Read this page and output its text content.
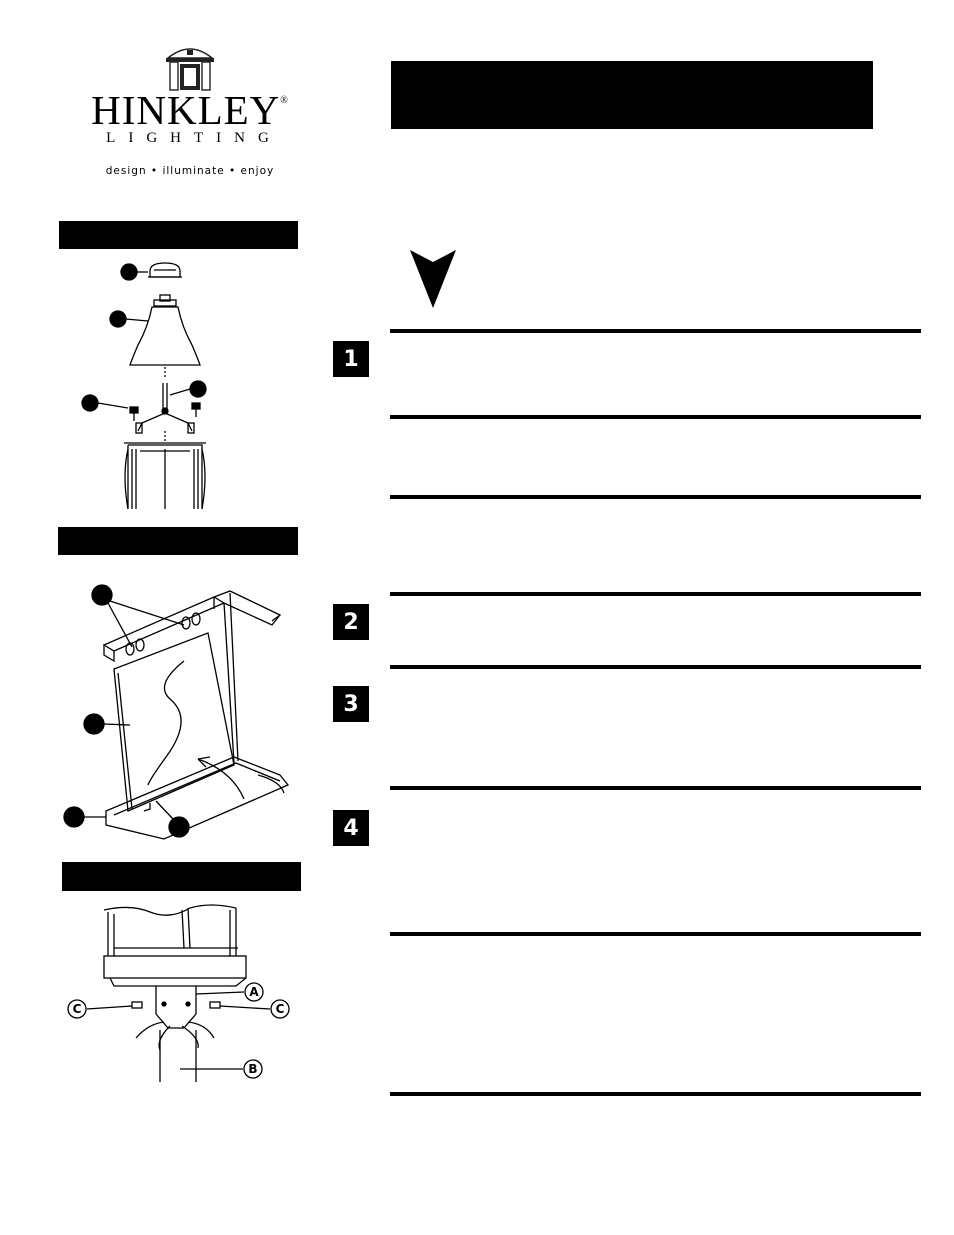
HINKLEY®
LIGHTING
design • illuminate • enjoy
1
2
3
4
A
B
C	C
